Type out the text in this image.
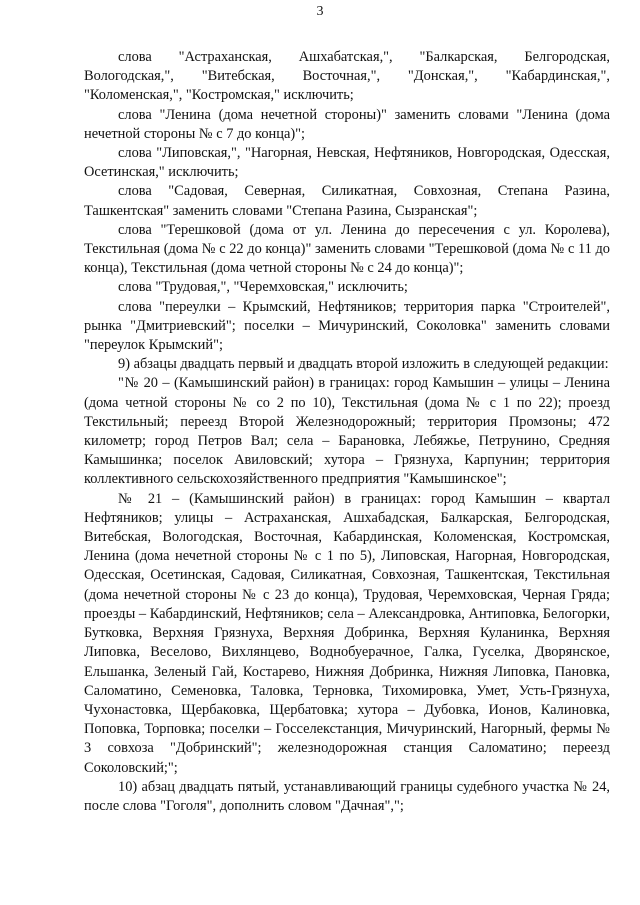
3

слова "Астраханская, Ашхабатская,", "Балкарская, Белгородская, Вологодская,", "Витебская, Восточная,", "Донская,", "Кабардинская,", "Коломенская,", "Костромская," исключить;

слова "Ленина (дома нечетной стороны)" заменить словами "Ленина (дома нечетной стороны № с 7 до конца)";

слова "Липовская,", "Нагорная, Невская, Нефтяников, Новгородская, Одесская, Осетинская," исключить;

слова "Садовая, Северная, Силикатная, Совхозная, Степана Разина, Ташкентская" заменить словами "Степана Разина, Сызранская";

слова "Терешковой (дома от ул. Ленина до пересечения с ул. Королева), Текстильная (дома № с 22 до конца)" заменить словами "Терешковой (дома № с 11 до конца), Текстильная (дома четной стороны № с 24 до конца)";

слова "Трудовая,", "Черемховская," исключить;

слова "переулки – Крымский, Нефтяников; территория парка "Строителей", рынка "Дмитриевский"; поселки – Мичуринский, Соколовка" заменить словами "переулок Крымский";

9) абзацы двадцать первый и двадцать второй изложить в следующей редакции:

"№ 20 – (Камышинский район) в границах: город Камышин – улицы – Ленина (дома четной стороны № со 2 по 10), Текстильная (дома № с 1 по 22); проезд Текстильный; переезд Второй Железнодорожный; территория Промзоны; 472 километр; город Петров Вал; села – Барановка, Лебяжье, Петрунино, Средняя Камышинка; поселок Авиловский; хутора – Грязнуха, Карпунин; территория коллективного сельскохозяйственного предприятия "Камышинское";

№ 21 – (Камышинский район) в границах: город Камышин – квартал Нефтяников; улицы – Астраханская, Ашхабадская, Балкарская, Белгородская, Витебская, Вологодская, Восточная, Кабардинская, Коломенская, Костромская, Ленина (дома нечетной стороны № с 1 по 5), Липовская, Нагорная, Новгородская, Одесская, Осетинская, Садовая, Силикатная, Совхозная, Ташкентская, Текстильная (дома нечетной стороны № с 23 до конца), Трудовая, Черемховская, Черная Гряда; проезды – Кабардинский, Нефтяников; села – Александровка, Антиповка, Белогорки, Бутковка, Верхняя Грязнуха, Верхняя Добринка, Верхняя Куланинка, Верхняя Липовка, Веселово, Вихлянцево, Воднобуерачное, Галка, Гуселка, Дворянское, Ельшанка, Зеленый Гай, Костарево, Нижняя Добринка, Нижняя Липовка, Пановка, Саломатино, Семеновка, Таловка, Терновка, Тихомировка, Умет, Усть-Грязнуха, Чухонастовка, Щербаковка, Щербатовка; хутора – Дубовка, Ионов, Калиновка, Поповка, Торповка; поселки – Госселекстанция, Мичуринский, Нагорный, фермы № 3 совхоза "Добринский"; железнодорожная станция Саломатино; переезд Соколовский;";

10) абзац двадцать пятый, устанавливающий границы судебного участка № 24, после слова "Гоголя", дополнить словом "Дачная",";
